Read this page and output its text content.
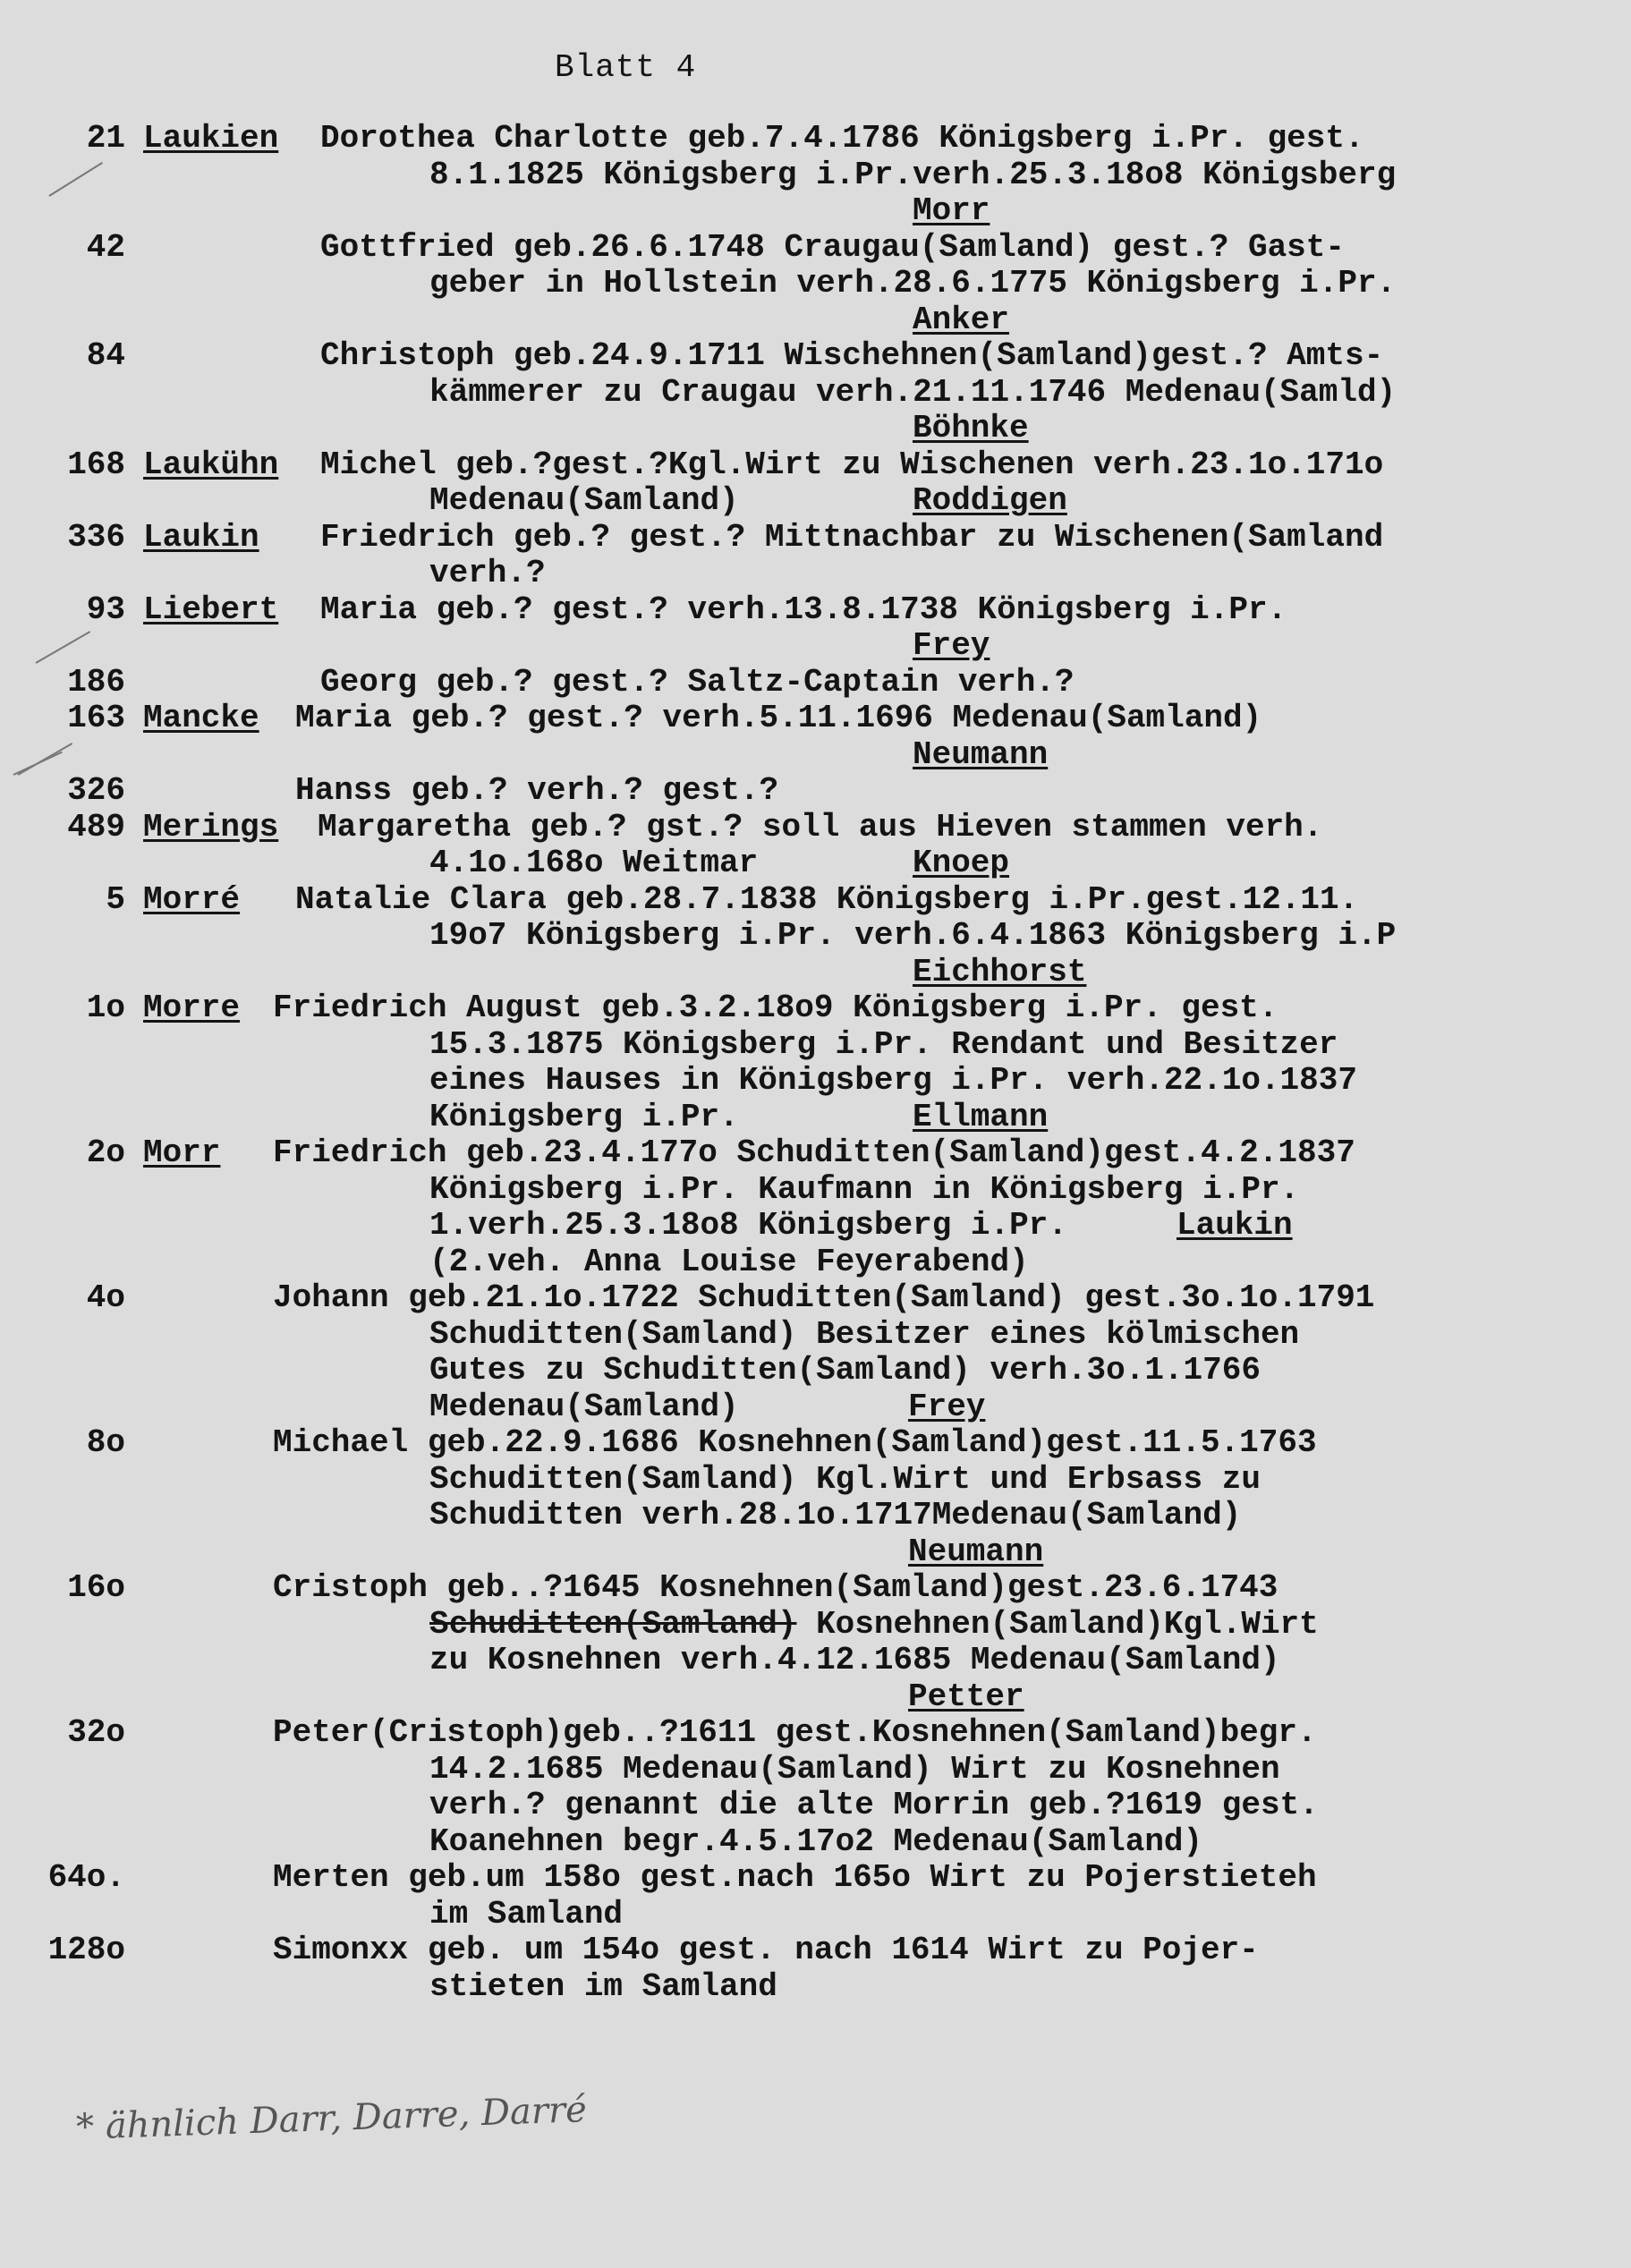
Blatt 4
21 Laukien Dorothea Charlotte geb.7.4.1786 Königsberg i.Pr. gest.
8.1.1825 Königsberg i.Pr.verh.25.3.18o8 Königsberg
Morr
42	Gottfried geb.26.6.1748 Craugau(Samland) gest.? Gast-
geber in Hollstein verh.28.6.1775 Königsberg i.Pr.
Anker
84	Christoph geb.24.9.1711 Wischehnen(Samland)gest.? Amts-
kämmerer zu Craugau verh.21.11.1746 Medenau(Samld)
Böhnke
168 Laukühn Michel geb.?gest.?Kgl.Wirt zu Wischenen verh.23.1o.171o
Medenau(Samland)	Roddigen
336 Laukin Friedrich geb.? gest.? Mittnachbar zu Wischenen(Samland
verh.?
93 Liebert Maria geb.? gest.? verh.13.8.1738 Königsberg i.Pr.
Frey
186	Georg geb.? gest.? Saltz-Captain verh.?
163 Mancke Maria geb.? gest.? verh.5.11.1696 Medenau(Samland)
Neumann
326	Hanss geb.? verh.? gest.?
489 Merings Margaretha geb.? gst.? soll aus Hieven stammen verh.
4.1o.168o Weitmar	Knoep
5 Morré Natalie Clara geb.28.7.1838 Königsberg i.Pr.gest.12.11.
19o7 Königsberg i.Pr. verh.6.4.1863 Königsberg i.P
Eichhorst
1o Morre Friedrich August geb.3.2.18o9 Königsberg i.Pr. gest.
15.3.1875 Königsberg i.Pr. Rendant und Besitzer
eines Hauses in Königsberg i.Pr. verh.22.1o.1837
Königsberg i.Pr.	Ellmann
2o Morr Friedrich geb.23.4.177o Schuditten(Samland)gest.4.2.1837
Königsberg i.Pr. Kaufmann in Königsberg i.Pr.
1.verh.25.3.18o8 Königsberg i.Pr.	Laukin
(2.veh. Anna Louise Feyerabend)
4o	Johann geb.21.1o.1722 Schuditten(Samland) gest.3o.1o.1791
Schuditten(Samland) Besitzer eines kölmischen
Gutes zu Schuditten(Samland) verh.3o.1.1766
Medenau(Samland)	Frey
8o	Michael geb.22.9.1686 Kosnehnen(Samland)gest.11.5.1763
Schuditten(Samland) Kgl.Wirt und Erbsass zu
Schuditten verh.28.1o.1717Medenau(Samland)
Neumann
16o	Cristoph geb..?1645 Kosnehnen(Samland)gest.23.6.1743
Schuditten(Samland) Kosnehnen(Samland)Kgl.Wirt
zu Kosnehnen verh.4.12.1685 Medenau(Samland)
Petter
32o	Peter(Cristoph)geb..?1611 gest.Kosnehnen(Samland)begr.
14.2.1685 Medenau(Samland) Wirt zu Kosnehnen
verh.? genannt die alte Morrin geb.?1619 gest.
Koanehnen begr.4.5.17o2 Medenau(Samland)
64o.	Merten geb.um 158o gest.nach 165o Wirt zu Pojerstieteh
im Samland
128o	Simonxx geb. um 154o gest. nach 1614 Wirt zu Pojer-
stieten im Samland
* ähnlich Darr, Darre, Darré
